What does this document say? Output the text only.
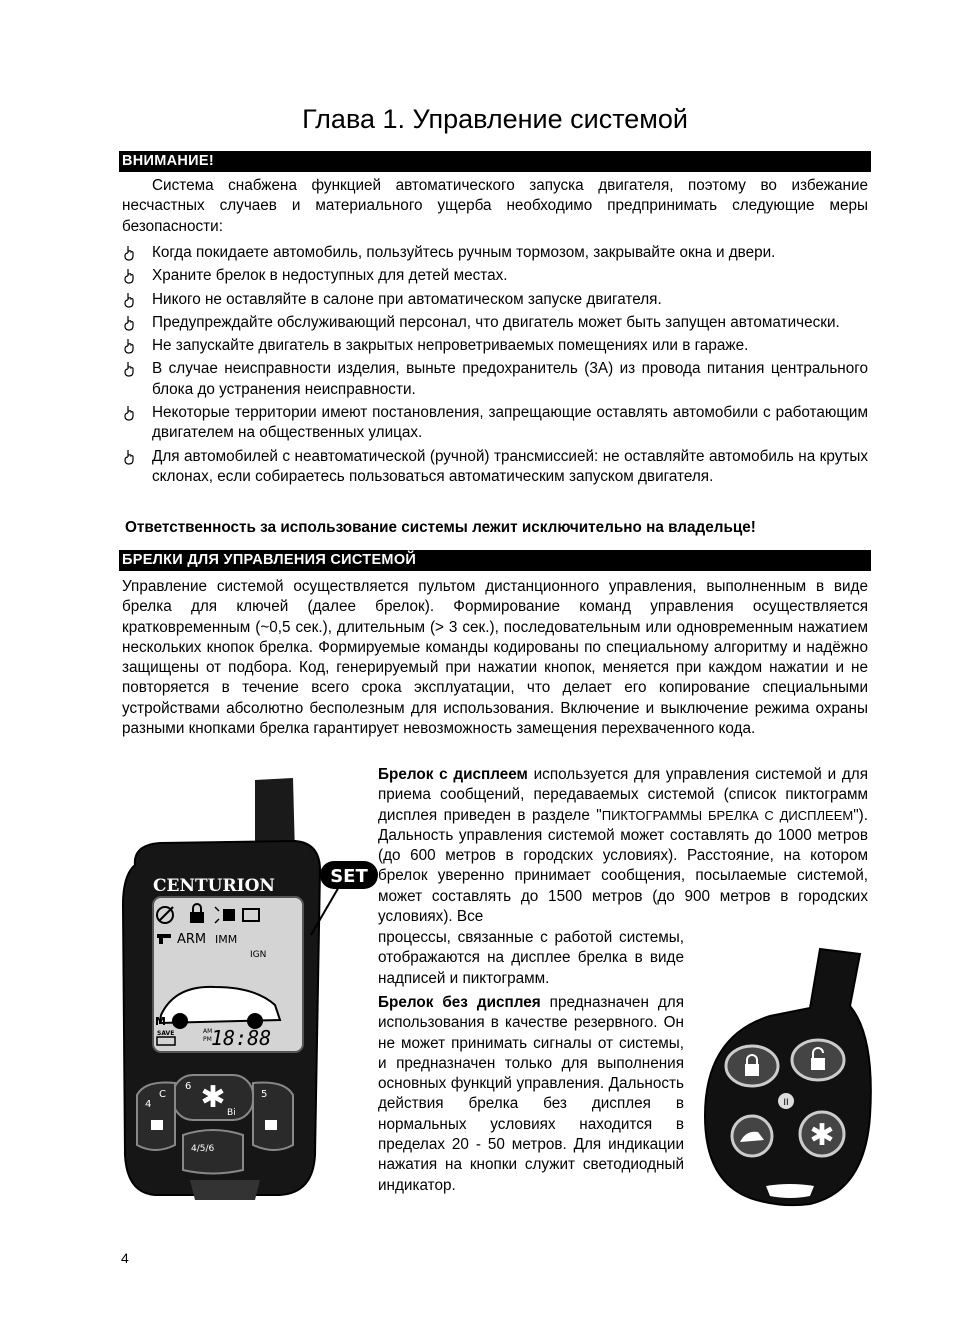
Глава 1. Управление системой
ВНИМАНИЕ!
Система снабжена функцией автоматического запуска двигателя, поэтому во избежание несчастных случаев и материального ущерба необходимо предпринимать следующие меры безопасности:
Когда покидаете автомобиль, пользуйтесь ручным тормозом, закрывайте окна и двери.
Храните брелок в недоступных для детей местах.
Никого не оставляйте в салоне при автоматическом запуске двигателя.
Предупреждайте обслуживающий персонал, что двигатель может быть запущен автоматически.
Не запускайте двигатель в закрытых непроветриваемых помещениях или в гараже.
В случае неисправности изделия, выньте предохранитель (3А) из провода питания центрального блока до устранения неисправности.
Некоторые территории имеют постановления, запрещающие оставлять автомобили с работающим двигателем на общественных улицах.
Для автомобилей с неавтоматической (ручной) трансмиссией: не оставляйте автомобиль на крутых склонах, если собираетесь пользоваться автоматическим запуском двигателя.
Ответственность за использование системы лежит исключительно на владельце!
БРЕЛКИ ДЛЯ УПРАВЛЕНИЯ СИСТЕМОЙ
Управление системой осуществляется пультом дистанционного управления, выполненным в виде брелка для ключей (далее брелок). Формирование команд управления осуществляется кратковременным (~0,5 сек.), длительным (> 3 сек.), последовательным или одновременным нажатием нескольких кнопок брелка. Формируемые команды кодированы по специальному алгоритму и надёжно защищены от подбора. Код, генерируемый при нажатии кнопок, меняется при каждом нажатии и не повторяется в течение всего срока эксплуатации, что делает его копирование специальными устройствами абсолютно бесполезным для использования. Включение и выключение режима охраны разными кнопками брелка гарантирует невозможность замещения перехваченного кода.
Брелок с дисплеем используется для управления системой и для приема сообщений, передаваемых системой (список пиктограмм дисплея приведен в разделе "ПИКТОГРАММЫ БРЕЛКА С ДИСПЛЕЕМ"). Дальность управления системой может составлять до 1000 метров (до 600 метров в городских условиях). Расстояние, на котором брелок уверенно принимает сообщения, посылаемые системой, может составлять до 1500 метров (до 900 метров в городских условиях). Все
процессы, связанные с работой системы, отображаются на дисплее брелка в виде надписей и пиктограмм.
Брелок без дисплея предназначен для использования в качестве резервного. Он не может принимать сигналы от системы, и предназначен только для выполнения основных функций управления. Дальность действия брелка без дисплея в нормальных условиях находится в пределах 20 - 50 метров. Для индикации нажатия на кнопки служит светодиодный индикатор.
4
CENTURION
ARM IMM
IGN
M
SAVE	AM
PM 18:88
✱
6
Bi
4
C	5
4/5/6
SET
II
✱
